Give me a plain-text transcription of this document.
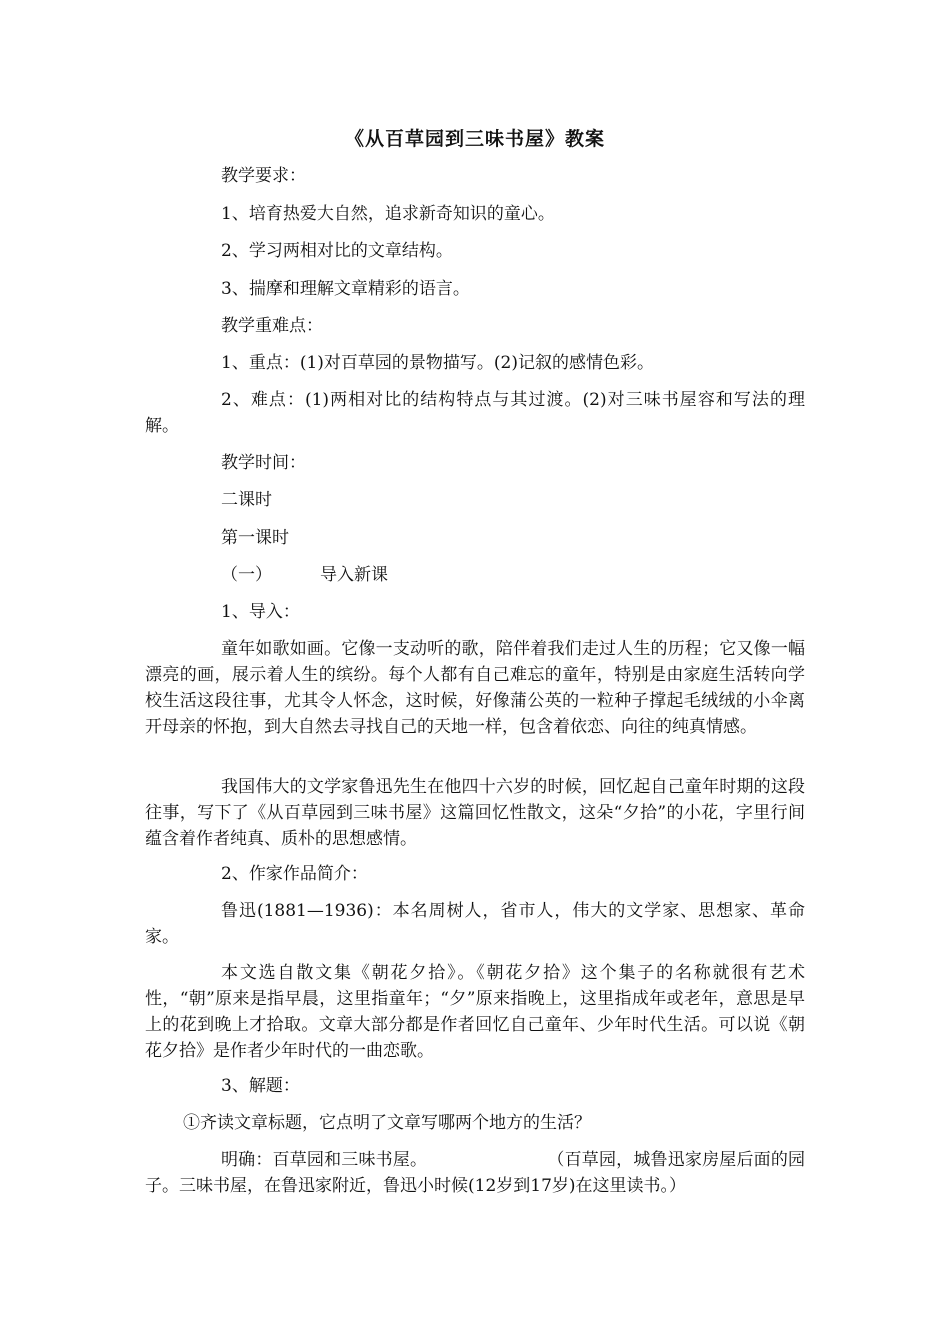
《从百草园到三味书屋》教案
教学要求：
1、培育热爱大自然，追求新奇知识的童心。
2、学习两相对比的文章结构。
3、揣摩和理解文章精彩的语言。
教学重难点：
1、重点：(1)对百草园的景物描写。(2)记叙的感情色彩。
2、难点：(1)两相对比的结构特点与其过渡。(2)对三味书屋容和写法的理解。
教学时间：
二课时
第一课时
（一）	导入新课
1、导入：
童年如歌如画。它像一支动听的歌，陪伴着我们走过人生的历程；它又像一幅漂亮的画，展示着人生的缤纷。每个人都有自己难忘的童年，特别是由家庭生活转向学校生活这段往事，尤其令人怀念，这时候，好像蒲公英的一粒种子撑起毛绒绒的小伞离开母亲的怀抱，到大自然去寻找自己的天地一样，包含着依恋、向往的纯真情感。
我国伟大的文学家鲁迅先生在他四十六岁的时候，回忆起自己童年时期的这段往事，写下了《从百草园到三味书屋》这篇回忆性散文，这朵“夕拾”的小花，字里行间蕴含着作者纯真、质朴的思想感情。
2、作家作品简介：
鲁迅(1881—1936)：本名周树人，省市人，伟大的文学家、思想家、革命家。
本文选自散文集《朝花夕拾》。《朝花夕拾》这个集子的名称就很有艺术性，“朝”原来是指早晨，这里指童年；“夕”原来指晚上，这里指成年或老年，意思是早上的花到晚上才拾取。文章大部分都是作者回忆自己童年、少年时代生活。可以说《朝花夕拾》是作者少年时代的一曲恋歌。
3、解题：
①齐读文章标题，它点明了文章写哪两个地方的生活？
明确：百草园和三味书屋。	（百草园，城鲁迅家房屋后面的园子。三味书屋，在鲁迅家附近，鲁迅小时候(12岁到17岁)在这里读书。）
